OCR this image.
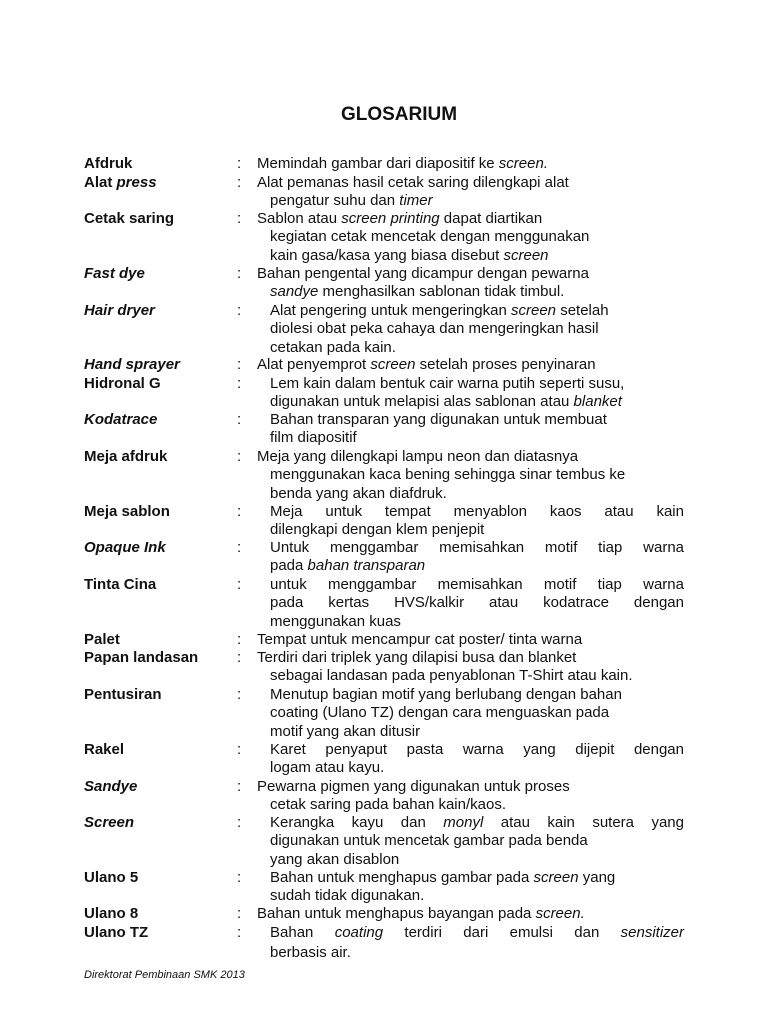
GLOSARIUM
Afdruk	: Memindah gambar dari diapositif ke screen.
Alat press	: Alat pemanas hasil cetak saring dilengkapi alat
pengatur suhu dan timer
Cetak saring	: Sablon atau screen printing dapat diartikan
kegiatan cetak mencetak dengan menggunakan
kain gasa/kasa yang biasa disebut screen
Fast dye	: Bahan pengental yang dicampur dengan pewarna
sandye menghasilkan sablonan tidak timbul.
Hair dryer	: Alat pengering untuk mengeringkan screen setelah
diolesi obat peka cahaya dan mengeringkan hasil
cetakan pada kain.
Hand sprayer	: Alat penyemprot screen setelah proses penyinaran
Hidronal G	: Lem kain dalam bentuk cair warna putih seperti susu,
digunakan untuk melapisi alas sablonan atau blanket
Kodatrace	: Bahan transparan yang digunakan untuk membuat
film diapositif
Meja afdruk	: Meja yang dilengkapi lampu neon dan diatasnya
menggunakan kaca bening sehingga sinar tembus ke
benda yang akan diafdruk.
Meja sablon	: Meja untuk tempat menyablon kaos atau kain
dilengkapi dengan klem penjepit
Opaque Ink	: Untuk menggambar memisahkan motif tiap warna
pada bahan transparan
Tinta Cina	: untuk menggambar memisahkan motif tiap warna
pada kertas HVS/kalkir atau kodatrace dengan
menggunakan kuas
Palet	: Tempat untuk mencampur cat poster/ tinta warna
Papan landasan	: Terdiri dari triplek yang dilapisi busa dan blanket
sebagai landasan pada penyablonan T-Shirt atau kain.
Pentusiran	: Menutup bagian motif yang berlubang dengan bahan
coating (Ulano TZ) dengan cara menguaskan pada
motif yang akan ditusir
Rakel	: Karet penyaput pasta warna yang dijepit dengan
logam atau kayu.
Sandye	: Pewarna pigmen yang digunakan untuk proses
cetak saring pada bahan kain/kaos.
Screen	: Kerangka kayu dan monyl atau kain sutera yang
digunakan untuk mencetak gambar pada benda
yang akan disablon
Ulano 5	: Bahan untuk menghapus gambar pada screen yang
sudah tidak digunakan.
Ulano 8	: Bahan untuk menghapus bayangan pada screen.
Ulano TZ	: Bahan coating terdiri dari emulsi dan sensitizer
berbasis air.
Direktorat Pembinaan SMK 2013
